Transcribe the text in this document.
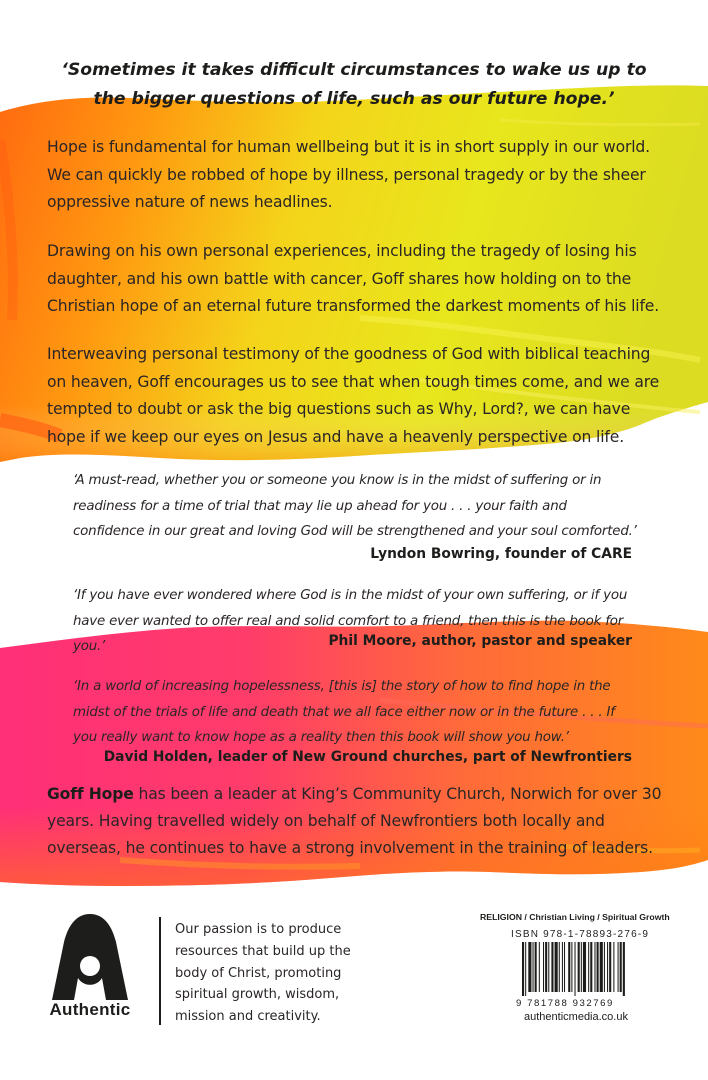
‘Sometimes it takes difficult circumstances to wake us up to
the bigger questions of life, such as our future hope.’
Hope is fundamental for human wellbeing but it is in short supply in our world. We can quickly be robbed of hope by illness, personal tragedy or by the sheer oppressive nature of news headlines.
Drawing on his own personal experiences, including the tragedy of losing his daughter, and his own battle with cancer, Goff shares how holding on to the Christian hope of an eternal future transformed the darkest moments of his life.
Interweaving personal testimony of the goodness of God with biblical teaching on heaven, Goff encourages us to see that when tough times come, and we are tempted to doubt or ask the big questions such as Why, Lord?, we can have hope if we keep our eyes on Jesus and have a heavenly perspective on life.
‘A must-read, whether you or someone you know is in the midst of suffering or in readiness for a time of trial that may lie up ahead for you . . . your faith and confidence in our great and loving God will be strengthened and your soul comforted.’
Lyndon Bowring, founder of CARE
‘If you have ever wondered where God is in the midst of your own suffering, or if you have ever wanted to offer real and solid comfort to a friend, then this is the book for you.’	Phil Moore, author, pastor and speaker
‘In a world of increasing hopelessness, [this is] the story of how to find hope in the midst of the trials of life and death that we all face either now or in the future . . . If you really want to know hope as a reality then this book will show you how.’
David Holden, leader of New Ground churches, part of Newfrontiers
Goff Hope has been a leader at King’s Community Church, Norwich for over 30 years. Having travelled widely on behalf of Newfrontiers both locally and overseas, he continues to have a strong involvement in the training of leaders.
Authentic
Our passion is to produce resources that build up the body of Christ, promoting spiritual growth, wisdom, mission and creativity.
RELIGION / Christian Living / Spiritual Growth
ISBN 978-1-78893-276-9
9 781788 932769
authenticmedia.co.uk
